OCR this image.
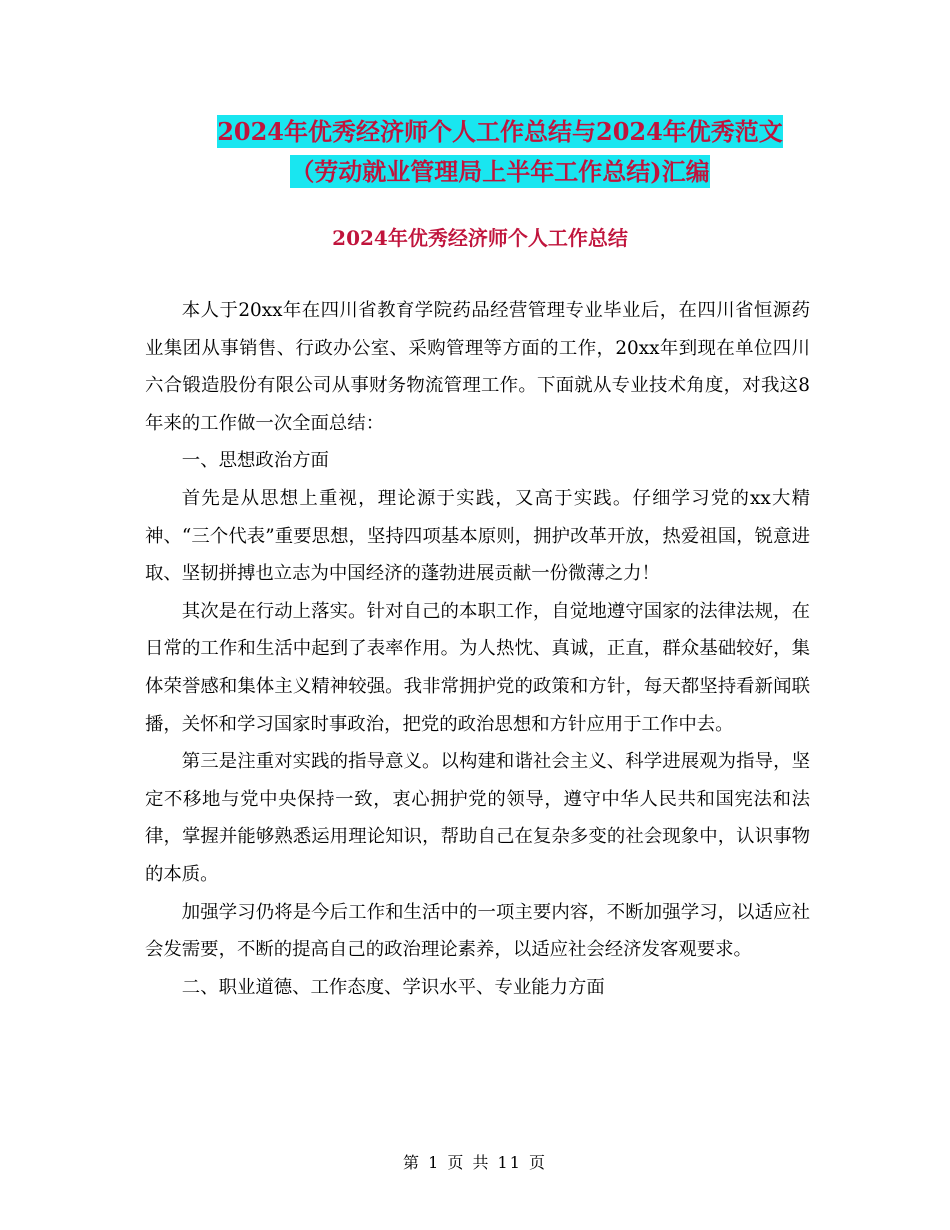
2024年优秀经济师个人工作总结与2024年优秀范文
（劳动就业管理局上半年工作总结)汇编
2024年优秀经济师个人工作总结

本人于20xx年在四川省教育学院药品经营管理专业毕业后，在四川省恒源药业集团从事销售、行政办公室、采购管理等方面的工作，20xx年到现在单位四川六合锻造股份有限公司从事财务物流管理工作。下面就从专业技术角度，对我这8年来的工作做一次全面总结：

一、思想政治方面

首先是从思想上重视，理论源于实践，又高于实践。仔细学习党的xx大精神、“三个代表”重要思想，坚持四项基本原则，拥护改革开放，热爱祖国，锐意进取、坚韧拼搏也立志为中国经济的蓬勃进展贡献一份微薄之力！

其次是在行动上落实。针对自己的本职工作，自觉地遵守国家的法律法规，在日常的工作和生活中起到了表率作用。为人热忱、真诚，正直，群众基础较好，集体荣誉感和集体主义精神较强。我非常拥护党的政策和方针，每天都坚持看新闻联播，关怀和学习国家时事政治，把党的政治思想和方针应用于工作中去。

第三是注重对实践的指导意义。以构建和谐社会主义、科学进展观为指导，坚定不移地与党中央保持一致，衷心拥护党的领导，遵守中华人民共和国宪法和法律，掌握并能够熟悉运用理论知识，帮助自己在复杂多变的社会现象中，认识事物的本质。

加强学习仍将是今后工作和生活中的一项主要内容，不断加强学习，以适应社会发需要，不断的提高自己的政治理论素养，以适应社会经济发客观要求。

二、职业道德、工作态度、学识水平、专业能力方面

第 1 页 共 11 页
